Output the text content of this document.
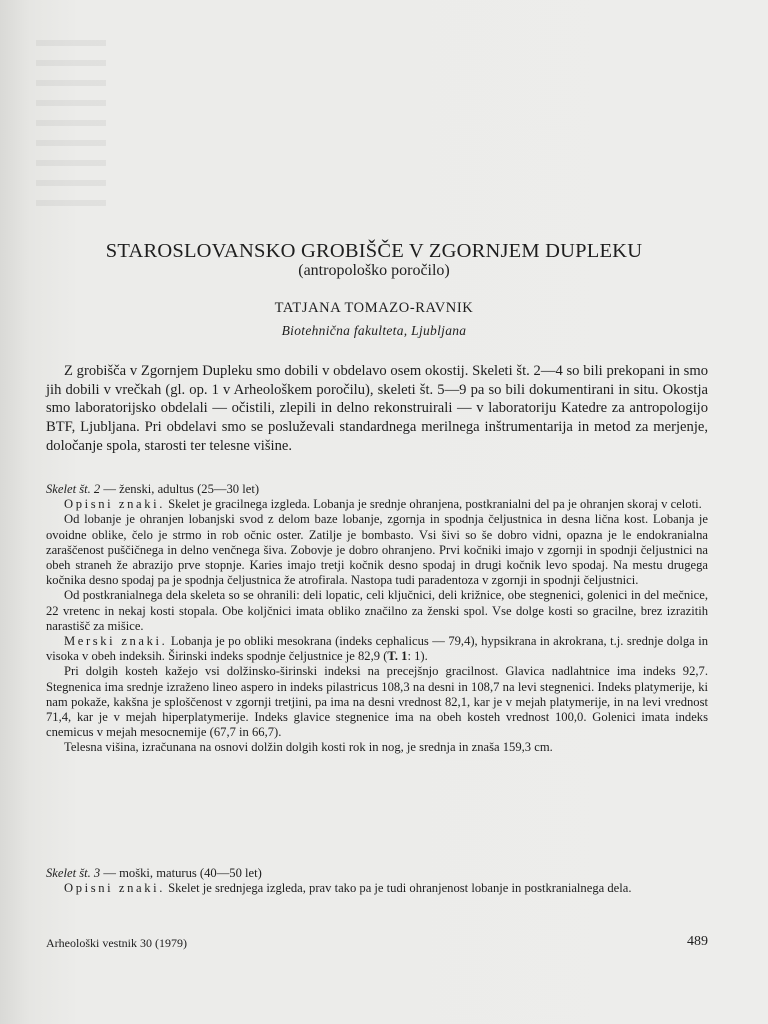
STAROSLOVANSKO GROBIŠČE V ZGORNJEM DUPLEKU
(antropološko poročilo)
TATJANA TOMAZO-RAVNIK
Biotehnična fakulteta, Ljubljana

Z grobišča v Zgornjem Dupleku smo dobili v obdelavo osem okostij. Skeleti št. 2—4 so bili prekopani in smo jih dobili v vrečkah (gl. op. 1 v Arheološkem poročilu), skeleti št. 5—9 pa so bili dokumentirani in situ. Okostja smo laboratorijsko obdelali — očistili, zlepili in delno rekonstruirali — v laboratoriju Katedre za antropologijo BTF, Ljubljana. Pri obdelavi smo se posluževali standardnega merilnega inštrumentarija in metod za merjenje, določanje spola, starosti ter telesne višine.

Skelet št. 2 — ženski, adultus (25—30 let)

Opisni znaki. Skelet je gracilnega izgleda. Lobanja je srednje ohranjena, postkranialni del pa je ohranjen skoraj v celoti.

Od lobanje je ohranjen lobanjski svod z delom baze lobanje, zgornja in spodnja čeljustnica in desna lična kost. Lobanja je ovoidne oblike, čelo je strmo in rob očnic oster. Zatilje je bombasto. Vsi šivi so še dobro vidni, opazna je le endokranialna zaraščenost puščičnega in delno venčnega šiva. Zobovje je dobro ohranjeno. Prvi kočniki imajo v zgornji in spodnji čeljustnici na obeh straneh že abrazijo prve stopnje. Karies imajo tretji kočnik desno spodaj in drugi kočnik levo spodaj. Na mestu drugega kočnika desno spodaj pa je spodnja čeljustnica že atrofirala. Nastopa tudi paradentoza v zgornji in spodnji čeljustnici.

Od postkranialnega dela skeleta so se ohranili: deli lopatic, celi ključnici, deli križnice, obe stegnenici, golenici in del mečnice, 22 vretenc in nekaj kosti stopala. Obe koljčnici imata obliko značilno za ženski spol. Vse dolge kosti so gracilne, brez izrazitih narastišč za mišice.

Merski znaki. Lobanja je po obliki mesokrana (indeks cephalicus — 79,4), hypsikrana in akrokrana, t.j. srednje dolga in visoka v obeh indeksih. Širinski indeks spodnje čeljustnice je 82,9 (T. 1: 1).

Pri dolgih kosteh kažejo vsi dolžinsko-širinski indeksi na precejšnjo gracilnost. Glavica nadlahtnice ima indeks 92,7. Stegnenica ima srednje izraženo lineo aspero in indeks pilastricus 108,3 na desni in 108,7 na levi stegnenici. Indeks platymerije, ki nam pokaže, kakšna je sploščenost v zgornji tretjini, pa ima na desni vrednost 82,1, kar je v mejah platymerije, in na levi vrednost 71,4, kar je v mejah hiperplatymerije. Indeks glavice stegnenice ima na obeh kosteh vrednost 100,0. Golenici imata indeks cnemicus v mejah mesocnemije (67,7 in 66,7).

Telesna višina, izračunana na osnovi dolžin dolgih kosti rok in nog, je srednja in znaša 159,3 cm.

Skelet št. 3 — moški, maturus (40—50 let)

Opisni znaki. Skelet je srednjega izgleda, prav tako pa je tudi ohranjenost lobanje in postkranialnega dela.

Arheološki vestnik 30 (1979)	489
